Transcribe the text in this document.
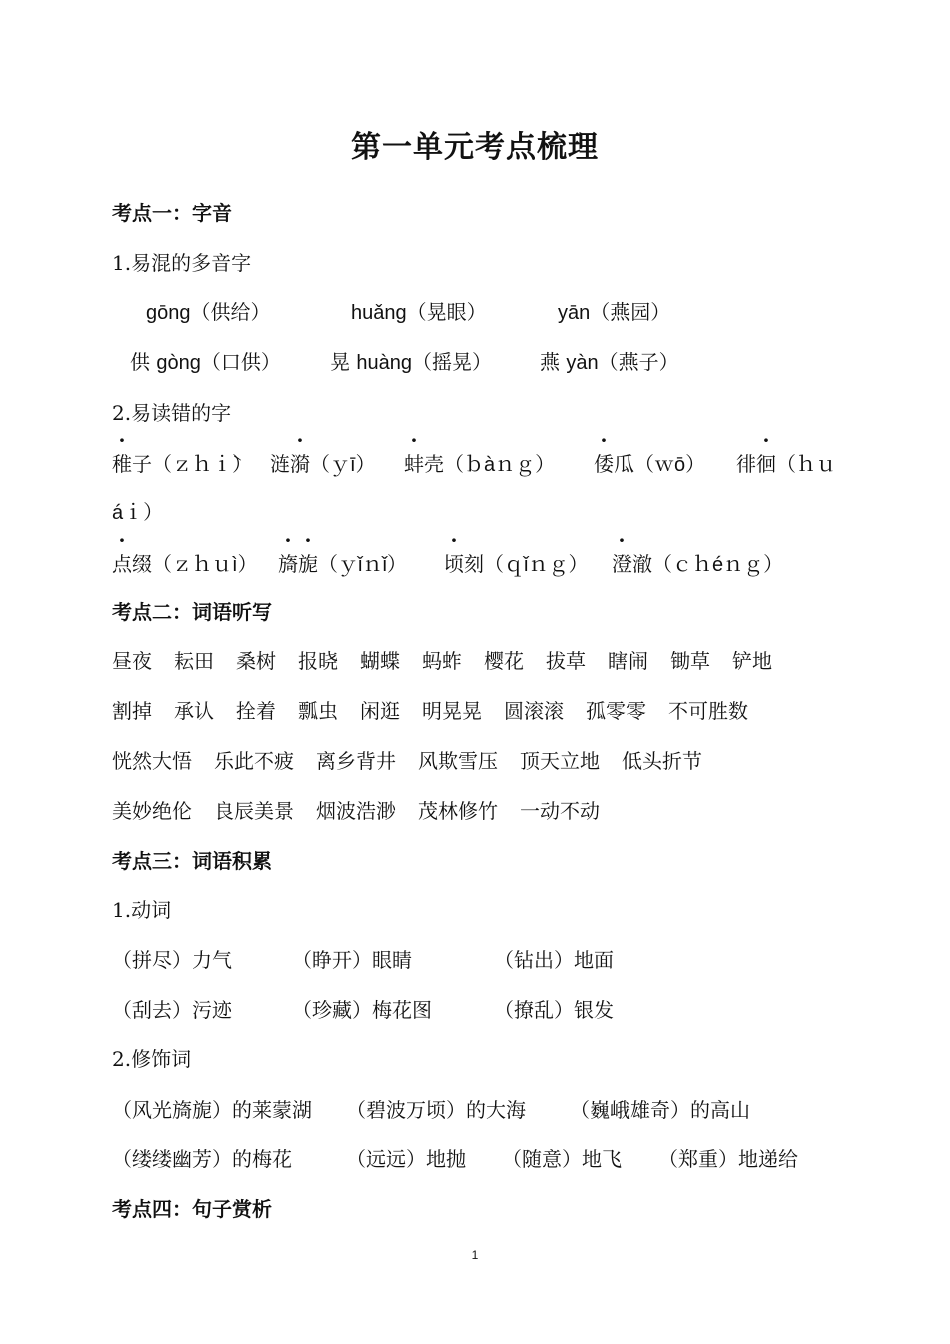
第一单元考点梳理
考点一：字音
1.易混的多音字
gōng（供给）	huǎng（晃眼）	yān（燕园）
供 gòng（口供） 晃 huàng（摇晃） 燕 yàn（燕子）
2.易读错的字
稚子（ｚｈｉ̀） 涟漪（ｙī） 蚌壳（ｂàｎｇ） 倭瓜（ｗō） 徘徊（ｈｕ
áｉ）
点缀（ｚｈｕì） 旖旎（ｙǐｎǐ） 顷刻（ｑǐｎｇ） 澄澈（ｃｈéｎｇ）
考点二：词语听写
昼夜 耘田 桑树 报晓 蝴蝶 蚂蚱 樱花 拔草 瞎闹 锄草 铲地
割掉 承认 拴着 瓢虫 闲逛 明晃晃 圆滚滚 孤零零 不可胜数
恍然大悟 乐此不疲 离乡背井 风欺雪压 顶天立地 低头折节
美妙绝伦 良辰美景 烟波浩渺 茂林修竹 一动不动
考点三：词语积累
1.动词
（拼尽）力气	（睁开）眼睛	（钻出）地面
（刮去）污迹	（珍藏）梅花图	（撩乱）银发
2.修饰词
（风光旖旎）的莱蒙湖 （碧波万顷）的大海 （巍峨雄奇）的高山
（缕缕幽芳）的梅花	（远远）地抛 （随意）地飞 （郑重）地递给
考点四：句子赏析
1
